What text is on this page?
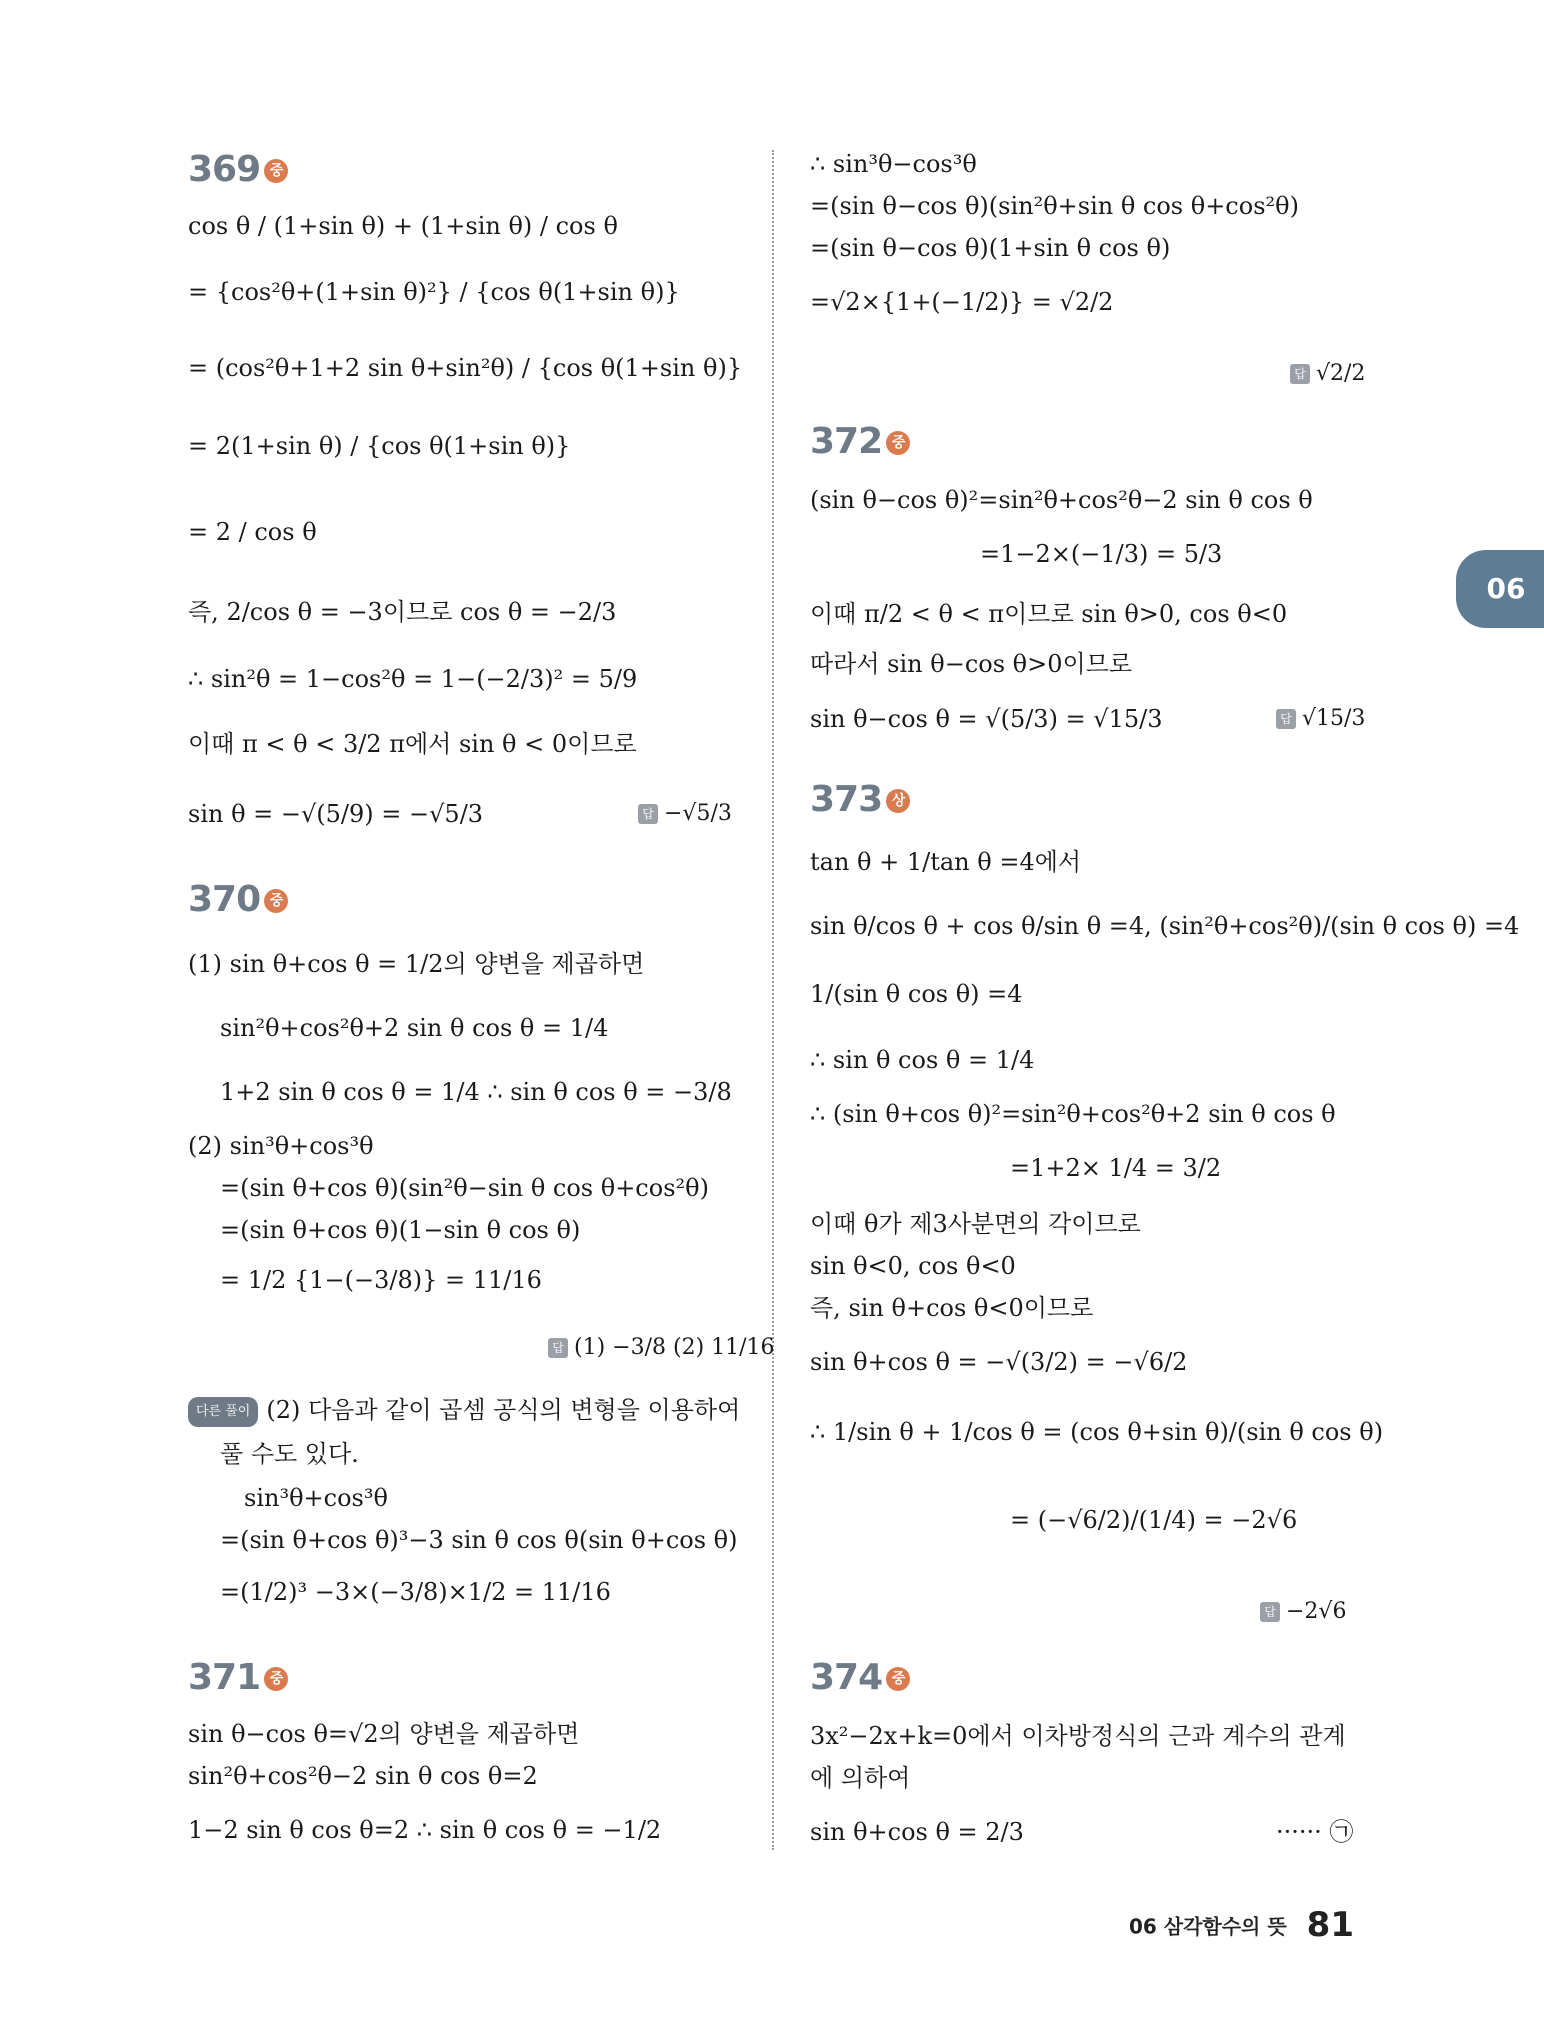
06
369 중
cos θ / (1+sin θ) + (1+sin θ) / cos θ
= {cos²θ+(1+sin θ)²} / {cos θ(1+sin θ)}
= (cos²θ+1+2 sin θ+sin²θ) / {cos θ(1+sin θ)}
= 2(1+sin θ) / {cos θ(1+sin θ)}
= 2 / cos θ
즉, 2/cos θ = −3이므로 cos θ = −2/3
∴ sin²θ = 1−cos²θ = 1−(−2/3)² = 5/9
이때 π < θ < 3/2 π에서 sin θ < 0이므로
sin θ = −√(5/9) = −√5/3	답 −√5/3
370 중
(1) sin θ+cos θ = 1/2의 양변을 제곱하면
sin²θ+cos²θ+2 sin θ cos θ = 1/4
1+2 sin θ cos θ = 1/4 ∴ sin θ cos θ = −3/8
(2) sin³θ+cos³θ
=(sin θ+cos θ)(sin²θ−sin θ cos θ+cos²θ)
=(sin θ+cos θ)(1−sin θ cos θ)
= 1/2 {1−(−3/8)} = 11/16
답 (1) −3/8 (2) 11/16
다른 풀이 (2) 다음과 같이 곱셈 공식의 변형을 이용하여
풀 수도 있다.
sin³θ+cos³θ
=(sin θ+cos θ)³−3 sin θ cos θ(sin θ+cos θ)
=(1/2)³ −3×(−3/8)×1/2 = 11/16
371 중
sin θ−cos θ=√2의 양변을 제곱하면
sin²θ+cos²θ−2 sin θ cos θ=2
1−2 sin θ cos θ=2 ∴ sin θ cos θ = −1/2
∴ sin³θ−cos³θ
=(sin θ−cos θ)(sin²θ+sin θ cos θ+cos²θ)
=(sin θ−cos θ)(1+sin θ cos θ)
=√2×{1+(−1/2)} = √2/2
답 √2/2
372 중
(sin θ−cos θ)²=sin²θ+cos²θ−2 sin θ cos θ
=1−2×(−1/3) = 5/3
이때 π/2 < θ < π이므로 sin θ>0, cos θ<0
따라서 sin θ−cos θ>0이므로
sin θ−cos θ = √(5/3) = √15/3	답 √15/3
373 상
tan θ + 1/tan θ =4에서
sin θ/cos θ + cos θ/sin θ =4, (sin²θ+cos²θ)/(sin θ cos θ) =4
1/(sin θ cos θ) =4
∴ sin θ cos θ = 1/4
∴ (sin θ+cos θ)²=sin²θ+cos²θ+2 sin θ cos θ
=1+2× 1/4 = 3/2
이때 θ가 제3사분면의 각이므로
sin θ<0, cos θ<0
즉, sin θ+cos θ<0이므로
sin θ+cos θ = −√(3/2) = −√6/2
∴ 1/sin θ + 1/cos θ = (cos θ+sin θ)/(sin θ cos θ)
= (−√6/2)/(1/4) = −2√6
답 −2√6
374 중
3x²−2x+k=0에서 이차방정식의 근과 계수의 관계
에 의하여
sin θ+cos θ = 2/3	······ ㉠
06 삼각함수의 뜻 81
